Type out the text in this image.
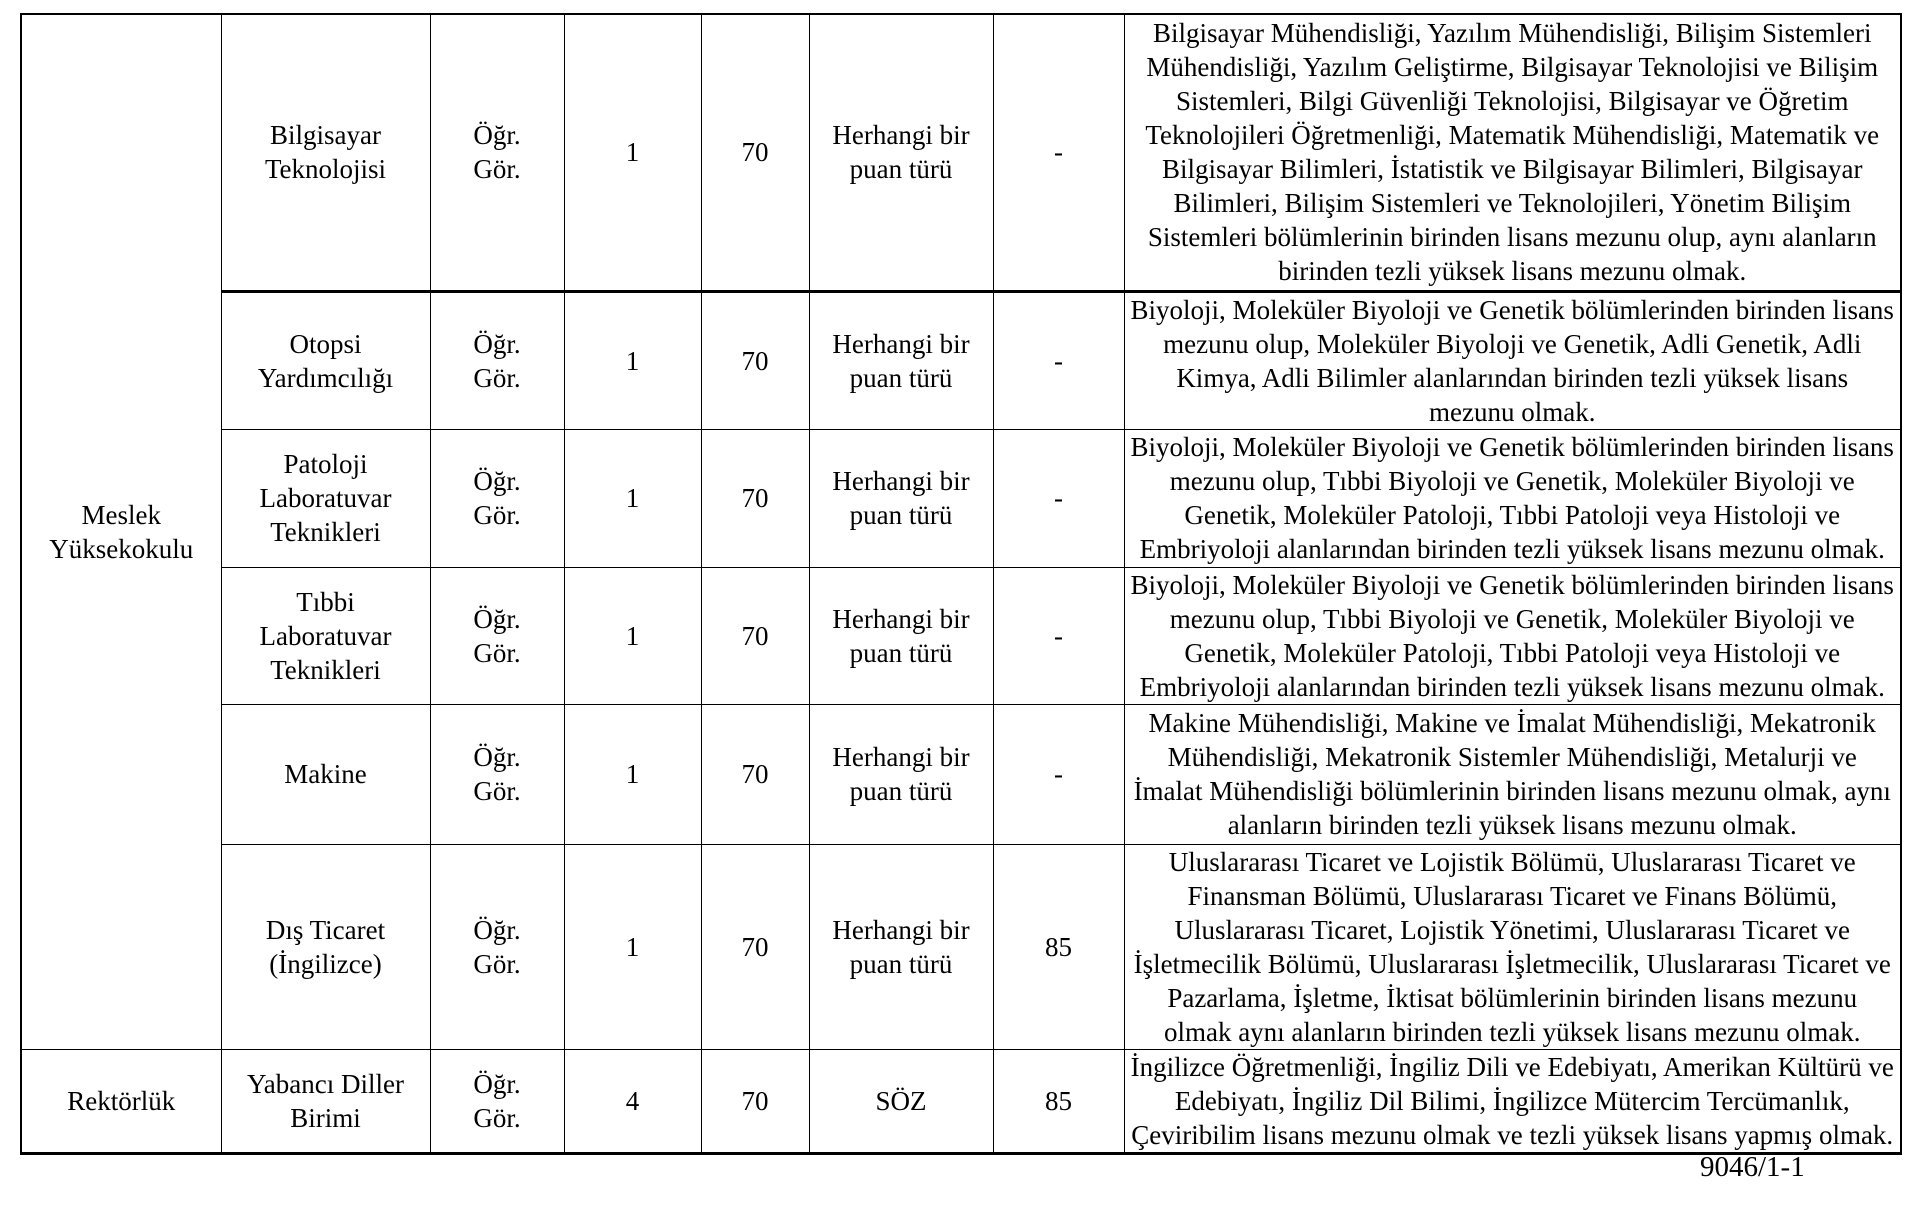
Meslek Yüksekokulu	Bilgisayar Teknolojisi	Öğr. Gör.	1	70	Herhangi bir puan türü	-	Bilgisayar Mühendisliği, Yazılım Mühendisliği, Bilişim Sistemleri Mühendisliği, Yazılım Geliştirme, Bilgisayar Teknolojisi ve Bilişim Sistemleri, Bilgi Güvenliği Teknolojisi, Bilgisayar ve Öğretim Teknolojileri Öğretmenliği, Matematik Mühendisliği, Matematik ve Bilgisayar Bilimleri, İstatistik ve Bilgisayar Bilimleri, Bilgisayar Bilimleri, Bilişim Sistemleri ve Teknolojileri, Yönetim Bilişim Sistemleri bölümlerinin birinden lisans mezunu olup, aynı alanların birinden tezli yüksek lisans mezunu olmak.
	Otopsi Yardımcılığı	Öğr. Gör.	1	70	Herhangi bir puan türü	-	Biyoloji, Moleküler Biyoloji ve Genetik bölümlerinden birinden lisans mezunu olup, Moleküler Biyoloji ve Genetik, Adli Genetik, Adli Kimya, Adli Bilimler alanlarından birinden tezli yüksek lisans mezunu olmak.
	Patoloji Laboratuvar Teknikleri	Öğr. Gör.	1	70	Herhangi bir puan türü	-	Biyoloji, Moleküler Biyoloji ve Genetik bölümlerinden birinden lisans mezunu olup, Tıbbi Biyoloji ve Genetik, Moleküler Biyoloji ve Genetik, Moleküler Patoloji, Tıbbi Patoloji veya Histoloji ve Embriyoloji alanlarından birinden tezli yüksek lisans mezunu olmak.
	Tıbbi Laboratuvar Teknikleri	Öğr. Gör.	1	70	Herhangi bir puan türü	-	Biyoloji, Moleküler Biyoloji ve Genetik bölümlerinden birinden lisans mezunu olup, Tıbbi Biyoloji ve Genetik, Moleküler Biyoloji ve Genetik, Moleküler Patoloji, Tıbbi Patoloji veya Histoloji ve Embriyoloji alanlarından birinden tezli yüksek lisans mezunu olmak.
	Makine	Öğr. Gör.	1	70	Herhangi bir puan türü	-	Makine Mühendisliği, Makine ve İmalat Mühendisliği, Mekatronik Mühendisliği, Mekatronik Sistemler Mühendisliği, Metalurji ve İmalat Mühendisliği bölümlerinin birinden lisans mezunu olmak, aynı alanların birinden tezli yüksek lisans mezunu olmak.
	Dış Ticaret (İngilizce)	Öğr. Gör.	1	70	Herhangi bir puan türü	85	Uluslararası Ticaret ve Lojistik Bölümü, Uluslararası Ticaret ve Finansman Bölümü, Uluslararası Ticaret ve Finans Bölümü, Uluslararası Ticaret, Lojistik Yönetimi, Uluslararası Ticaret ve İşletmecilik Bölümü, Uluslararası İşletmecilik, Uluslararası Ticaret ve Pazarlama, İşletme, İktisat bölümlerinin birinden lisans mezunu olmak aynı alanların birinden tezli yüksek lisans mezunu olmak.
Rektörlük	Yabancı Diller Birimi	Öğr. Gör.	4	70	SÖZ	85	İngilizce Öğretmenliği, İngiliz Dili ve Edebiyatı, Amerikan Kültürü ve Edebiyatı, İngiliz Dil Bilimi, İngilizce Mütercim Tercümanlık, Çeviribilim lisans mezunu olmak ve tezli yüksek lisans yapmış olmak.
9046/1-1
